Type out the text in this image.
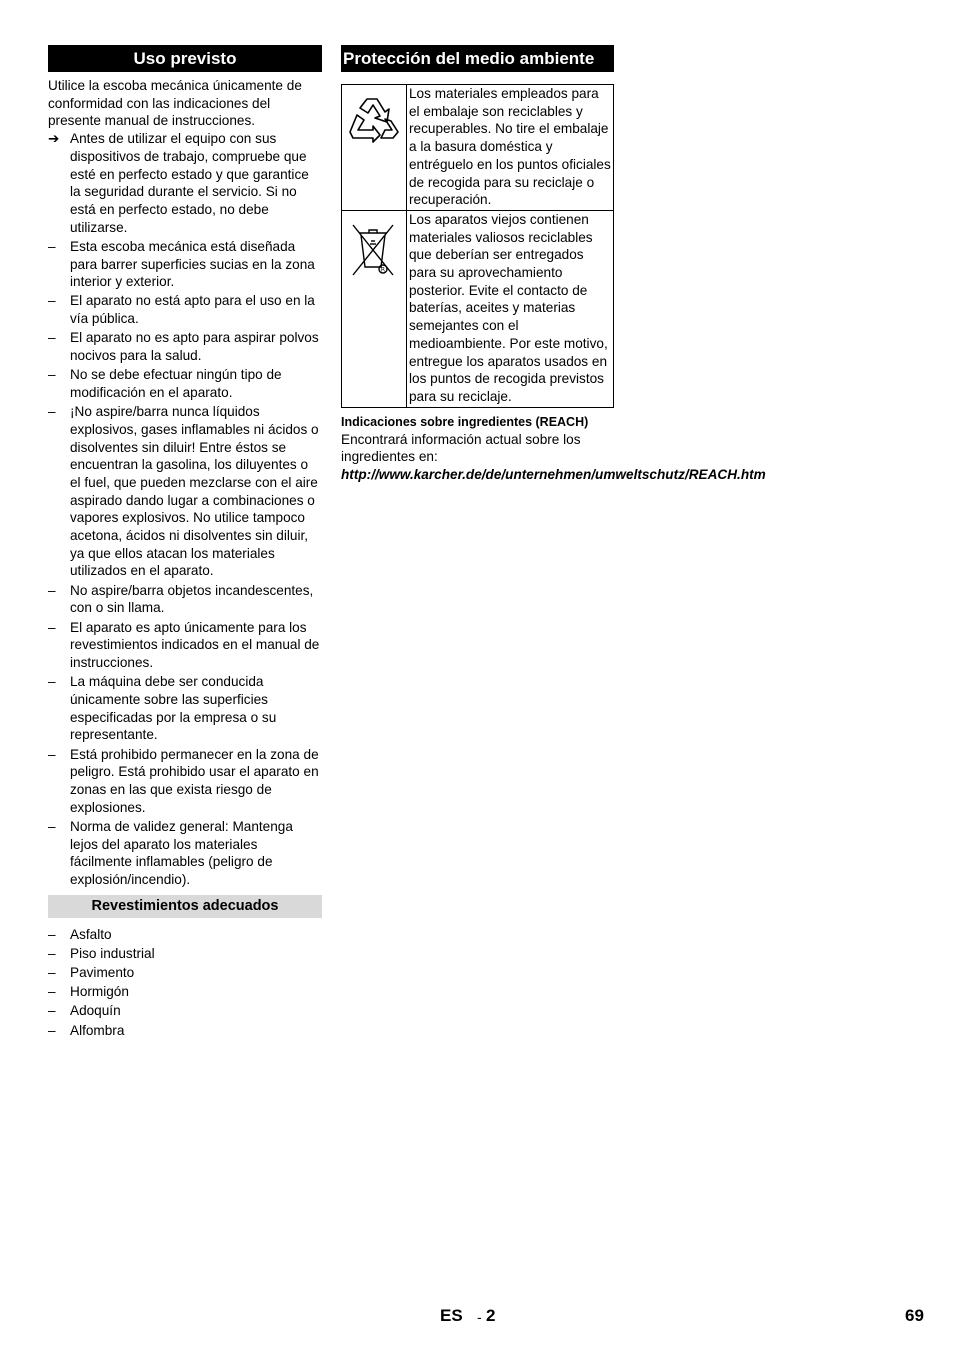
Uso previsto

Utilice la escoba mecánica únicamente de conformidad con las indicaciones del presente manual de instrucciones.

➔ Antes de utilizar el equipo con sus dispositivos de trabajo, compruebe que esté en perfecto estado y que garantice la seguridad durante el servicio. Si no está en perfecto estado, no debe utilizarse.
–	Esta escoba mecánica está diseñada para barrer superficies sucias en la zona interior y exterior.
–	El aparato no está apto para el uso en la vía pública.
–	El aparato no es apto para aspirar polvos nocivos para la salud.
–	No se debe efectuar ningún tipo de modificación en el aparato.
–	¡No aspire/barra nunca líquidos explosivos, gases inflamables ni ácidos o disolventes sin diluir! Entre éstos se encuentran la gasolina, los diluyentes o el fuel, que pueden mezclarse con el aire aspirado dando lugar a combinaciones o vapores explosivos. No utilice tampoco acetona, ácidos ni disolventes sin diluir, ya que ellos atacan los materiales utilizados en el aparato.
–	No aspire/barra objetos incandescentes, con o sin llama.
–	El aparato es apto únicamente para los revestimientos indicados en el manual de instrucciones.
–	La máquina debe ser conducida únicamente sobre las superficies especificadas por la empresa o su representante.
–	Está prohibido permanecer en la zona de peligro. Está prohibido usar el aparato en zonas en las que exista riesgo de explosiones.
–	Norma de validez general: Mantenga lejos del aparato los materiales fácilmente inflamables (peligro de explosión/incendio).
Revestimientos adecuados
–	Asfalto
–	Piso industrial
–	Pavimento
–	Hormigón
–	Adoquín
–	Alfombra
Protección del medio ambiente
	Los materiales empleados para el embalaje son reciclables y recuperables. No tire el embalaje a la basura doméstica y entréguelo en los puntos oficiales de recogida para su reciclaje o recuperación.

R	Los aparatos viejos contienen materiales valiosos reciclables que deberían ser entregados para su aprovechamiento posterior. Evite el contacto de baterías, aceites y materias semejantes con el medioambiente. Por este motivo, entregue los aparatos usados en los puntos de recogida previstos para su reciclaje.
Indicaciones sobre ingredientes (REACH)
Encontrará información actual sobre los ingredientes en:
http://www.karcher.de/de/unternehmen/umweltschutz/REACH.htm
ES - 2	69
